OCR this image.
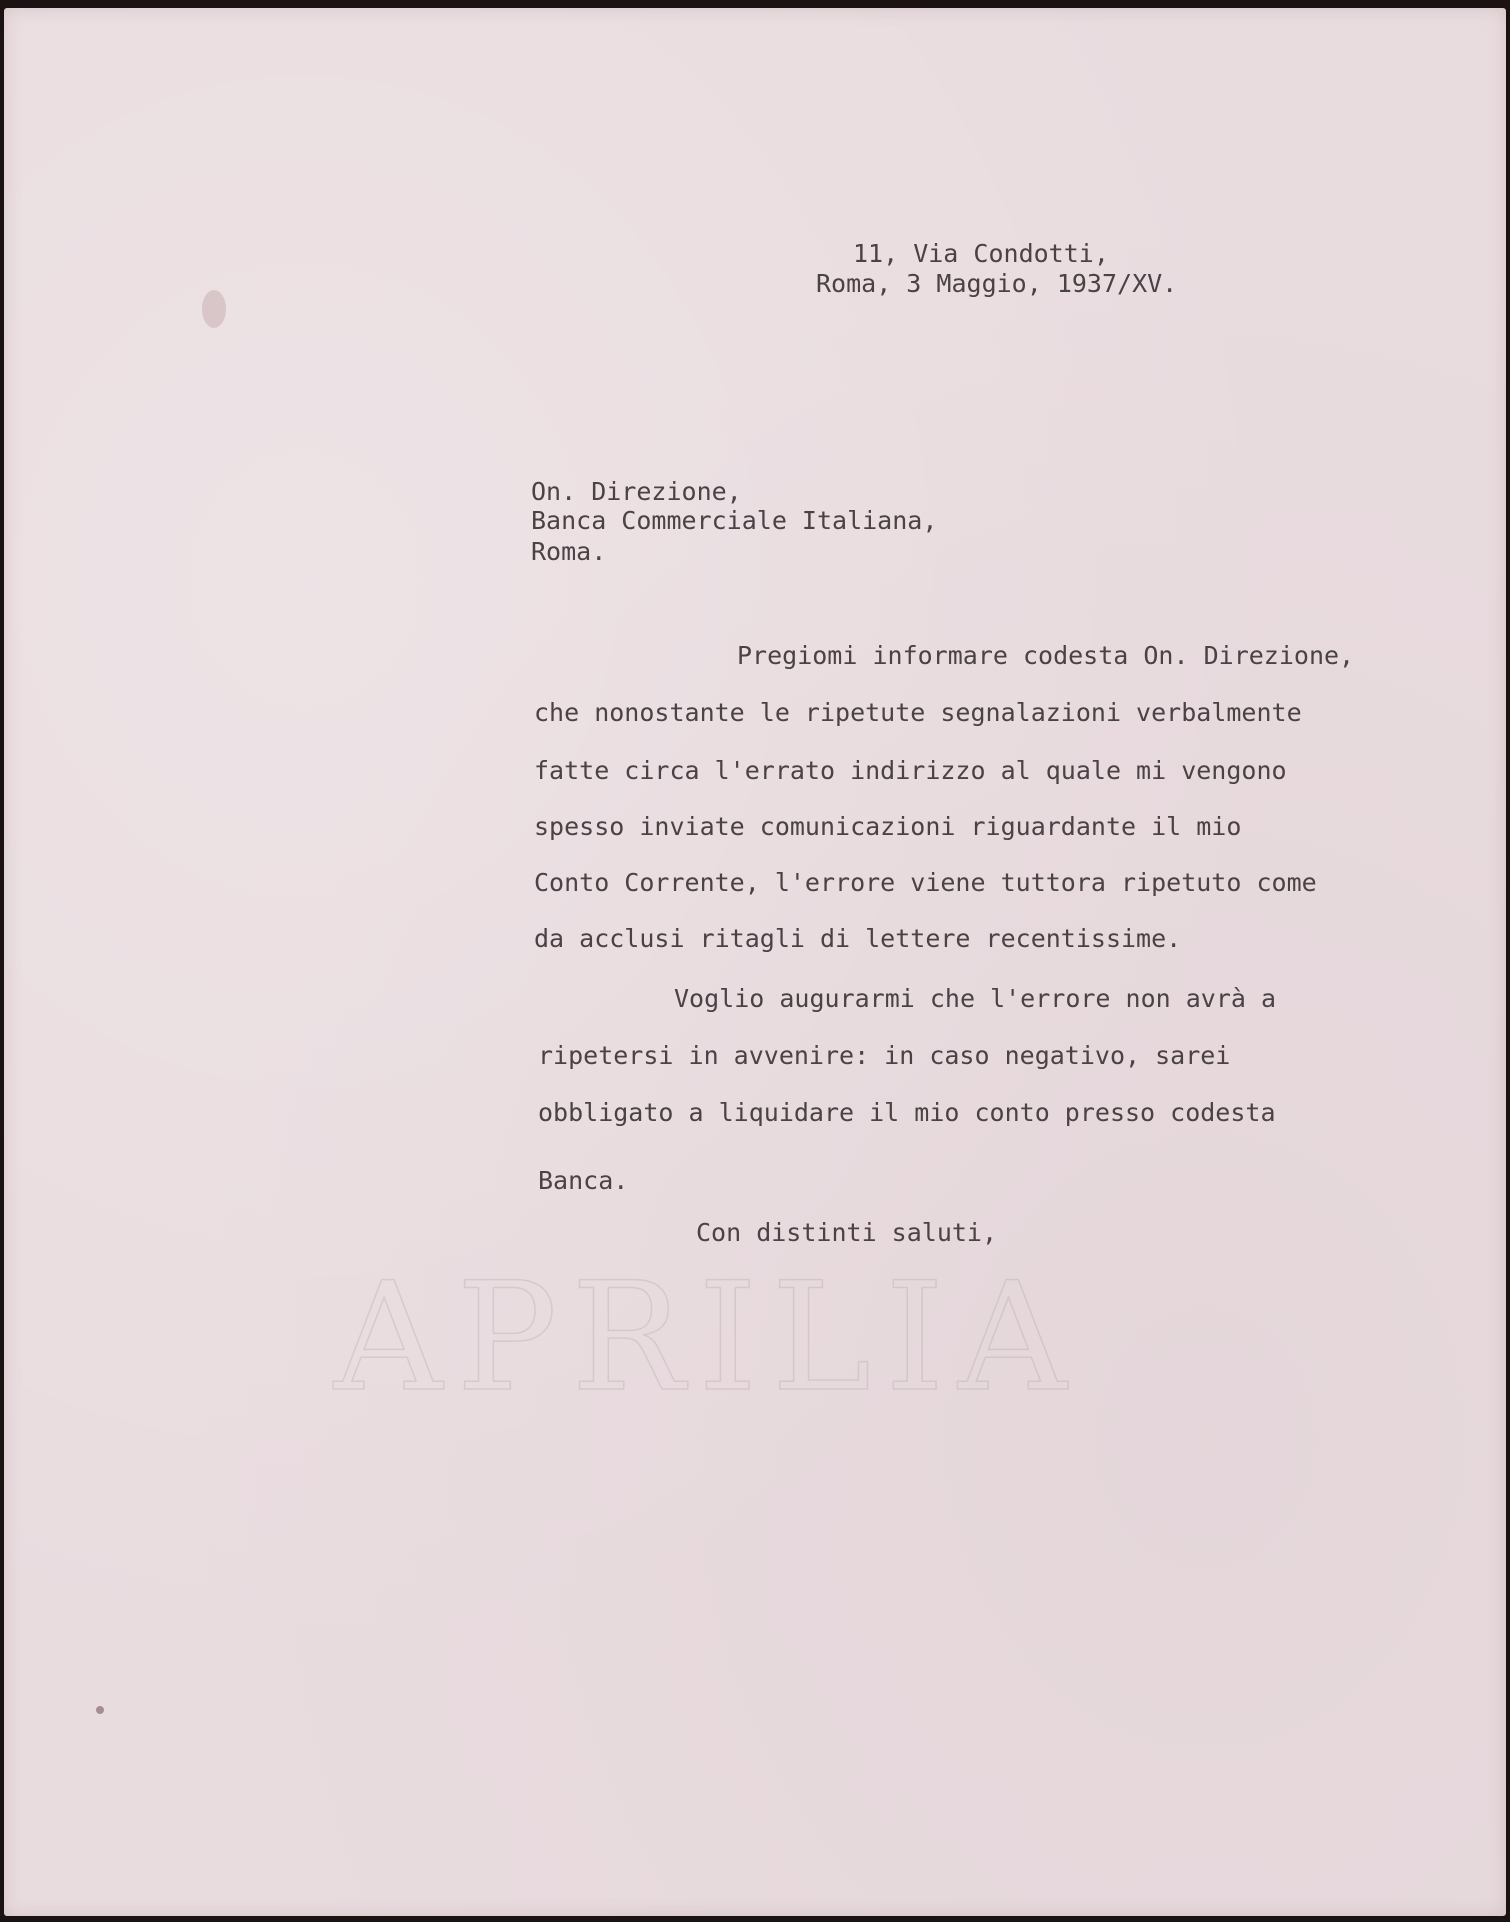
APRILIA

11, Via Condotti,

Roma, 3 Maggio, 1937/XV.

On. Direzione,

Banca Commerciale Italiana,

Roma.

Pregiomi informare codesta On. Direzione,

che nonostante le ripetute segnalazioni verbalmente

fatte circa l'errato indirizzo al quale mi vengono

spesso inviate comunicazioni riguardante il mio

Conto Corrente, l'errore viene tuttora ripetuto come

da acclusi ritagli di lettere recentissime.

Voglio augurarmi che l'errore non avrà a

ripetersi in avvenire: in caso negativo, sarei

obbligato a liquidare il mio conto presso codesta

Banca.

Con distinti saluti,
